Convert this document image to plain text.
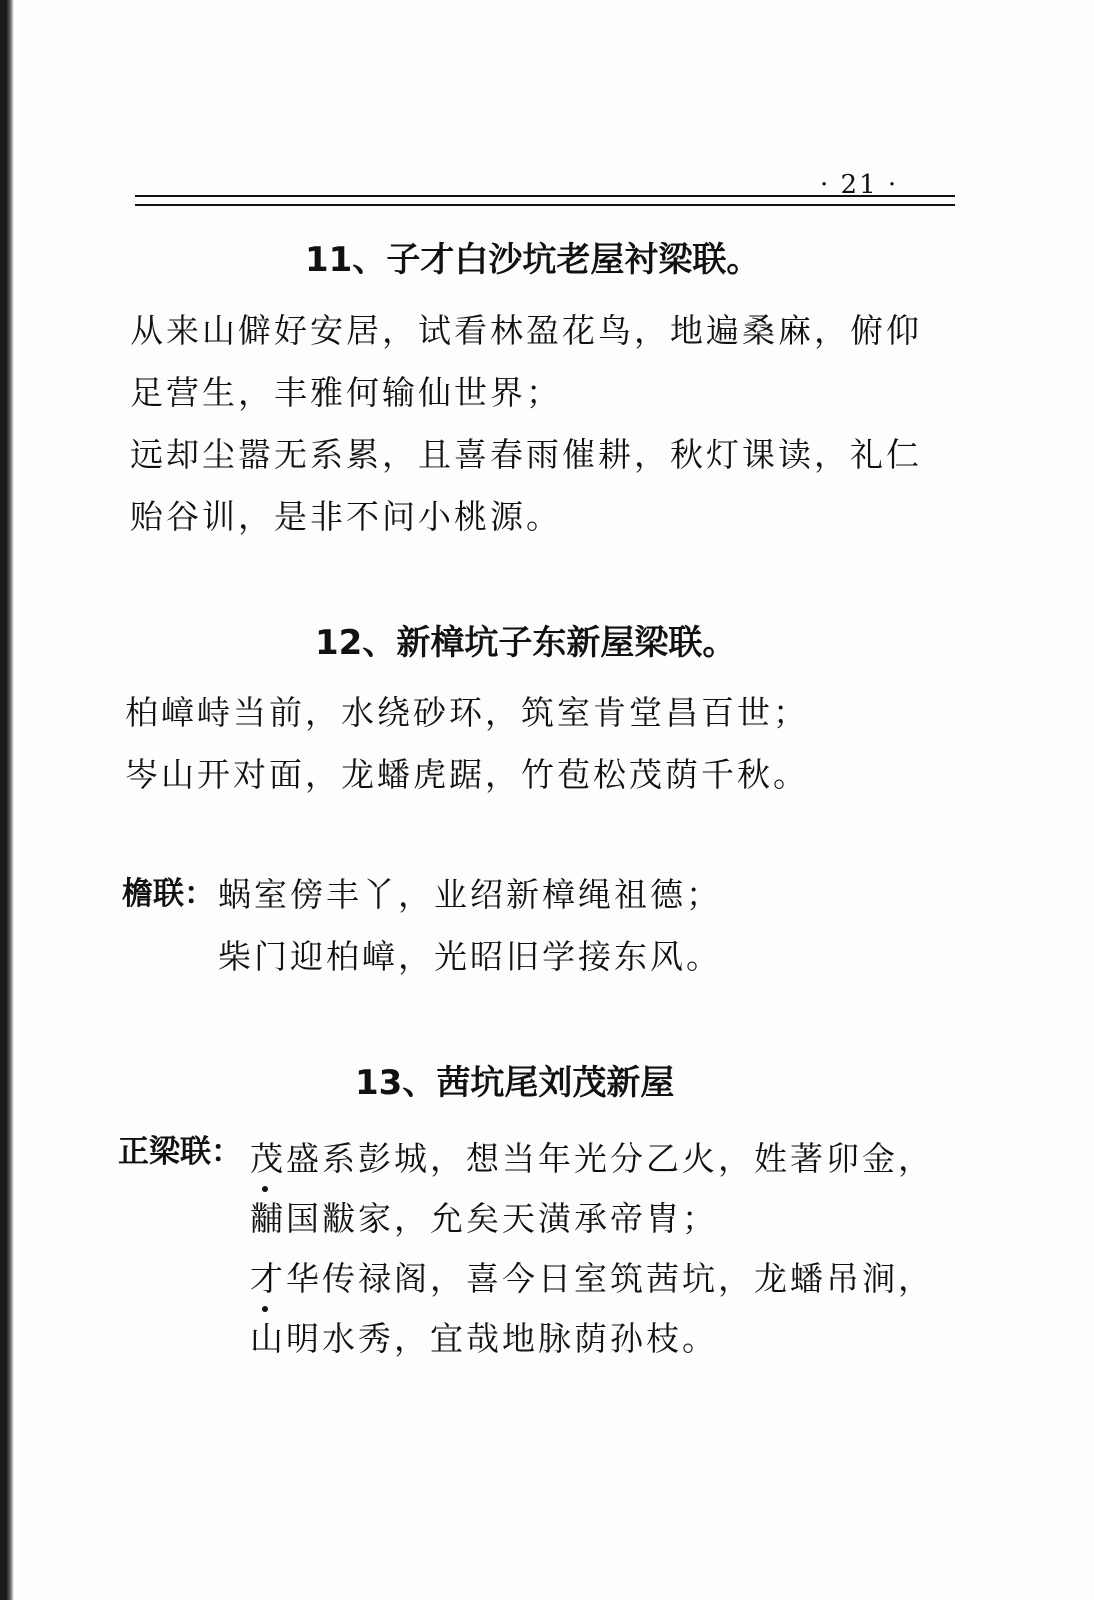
· 21 ·
11、子才白沙坑老屋衬梁联。
从来山僻好安居，试看林盈花鸟，地遍桑麻，俯仰
足营生，丰雅何输仙世界；
远却尘嚣无系累，且喜春雨催耕，秋灯课读，礼仁
贻谷训，是非不问小桃源。
12、新樟坑子东新屋梁联。
柏嶂峙当前，水绕砂环，筑室肯堂昌百世；
岑山开对面，龙蟠虎踞，竹苞松茂荫千秋。
檐联： 蜗室傍丰丫，业绍新樟绳祖德；
柴门迎柏嶂，光昭旧学接东风。
13、茜坑尾刘茂新屋
正梁联： 茂盛系彭城，想当年光分乙火，姓著卯金，
黼国黻家，允矣天潢承帝胄；
才华传禄阁，喜今日室筑茜坑，龙蟠吊涧，
山明水秀，宜哉地脉荫孙枝。
